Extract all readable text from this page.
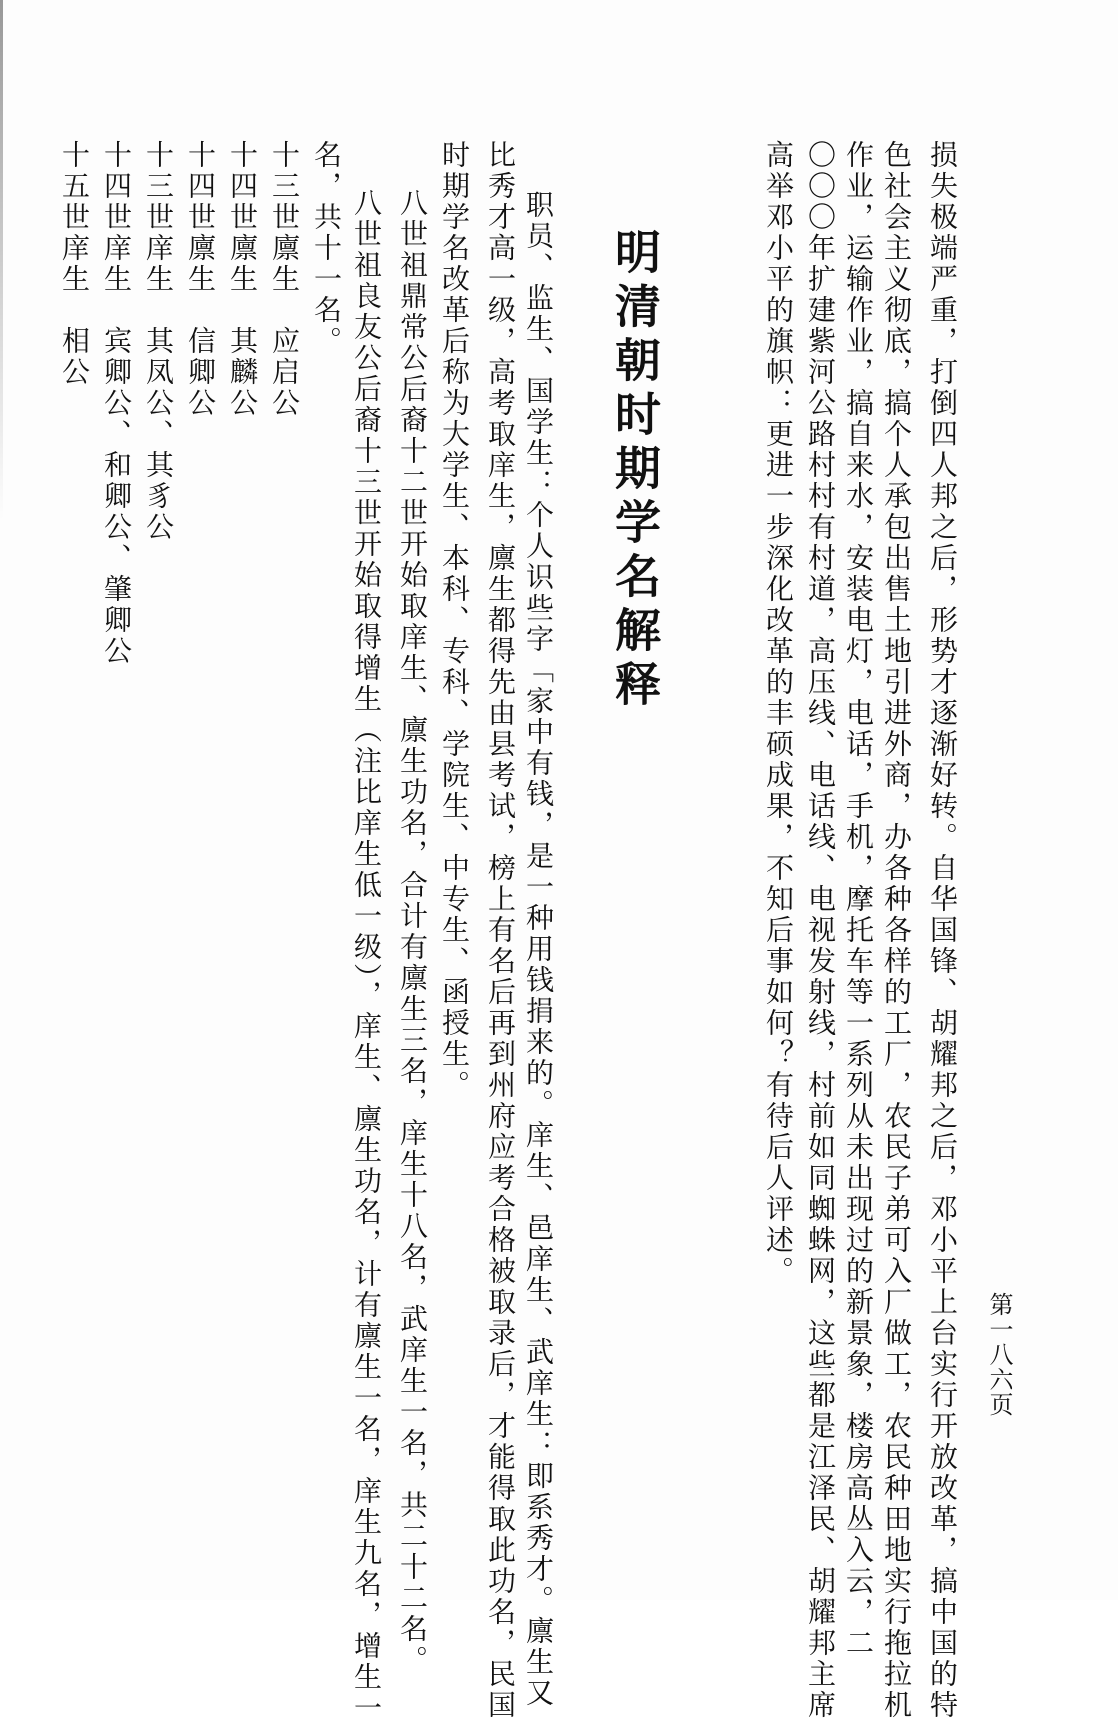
第一八六页
损失极端严重，打倒四人邦之后，形势才逐渐好转。自华国锋、胡耀邦之后，邓小平上台实行开放改革，搞中国的特
色社会主义彻底，搞个人承包出售土地引进外商，办各种各样的工厂，农民子弟可入厂做工，农民种田地实行拖拉机
作业，运输作业，搞自来水，安装电灯，电话，手机，摩托车等一系列从未出现过的新景象，楼房高丛入云，二
〇〇〇年扩建紫河公路村村有村道，高压线、电话线、电视发射线，村前如同蜘蛛网，这些都是江泽民、胡耀邦主席
高举邓小平的旗帜：更进一步深化改革的丰硕成果，不知后事如何？有待后人评述。
明清朝时期学名解释
职员、监生、国学生：个人识些字「家中有钱，是一种用钱捐来的。庠生、邑庠生、武庠生：即系秀才。廪生又
比秀才高一级，高考取庠生，廪生都得先由县考试，榜上有名后再到州府应考合格被取录后，才能得取此功名，民国
时期学名改革后称为大学生、本科、专科、学院生、中专生、函授生。
八世祖鼎常公后裔十二世开始取庠生、廪生功名，合计有廪生三名，庠生十八名，武庠生一名，共二十二名。
八世祖良友公后裔十三世开始取得增生（注比庠生低一级），庠生、廪生功名，计有廪生一名，庠生九名，增生一
名，共十一名。
十三世廪生　应启公
十四世廪生　其麟公
十四世廪生　信卿公
十三世庠生　其凤公、其豸公
十四世庠生　宾卿公、和卿公、肇卿公
十五世庠生　相公
